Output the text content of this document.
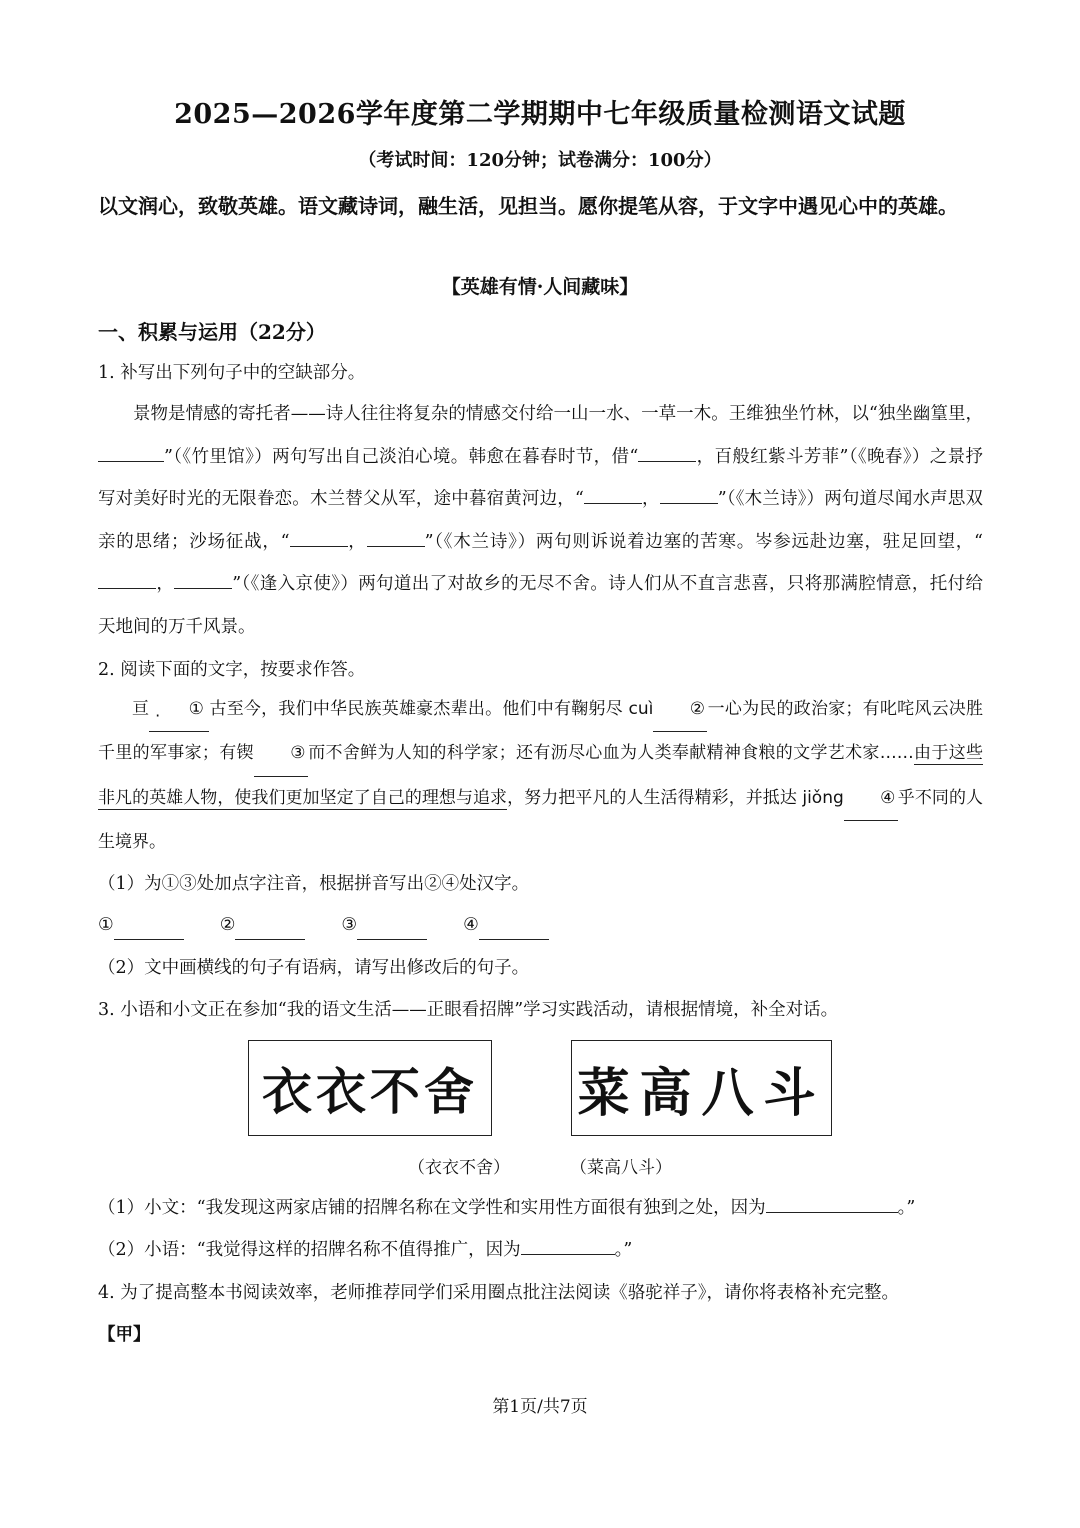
2025—2026学年度第二学期期中七年级质量检测语文试题
（考试时间：120分钟；试卷满分：100分）
以文润心，致敬英雄。语文藏诗词，融生活，见担当。愿你提笔从容，于文字中遇见心中的英雄。
【英雄有情·人间藏味】
一、积累与运用（22分）
1. 补写出下列句子中的空缺部分。
景物是情感的寄托者——诗人往往将复杂的情感交付给一山一水、一草一木。王维独坐竹林，以“独坐幽篁里，”（《竹里馆》）两句写出自己淡泊心境。韩愈在暮春时节，借“	，百般红紫斗芳菲”（《晚春》）之景抒写对美好时光的无限眷恋。木兰替父从军，途中暮宿黄河边，“	，	”（《木兰诗》）两句道尽闻水声思双亲的思绪；沙场征战，“	，	”（《木兰诗》）两句则诉说着边塞的苦寒。岑参远赴边塞，驻足回望，“，	”（《逢入京使》）两句道出了对故乡的无尽不舍。诗人们从不直言悲喜，只将那满腔情意，托付给天地间的万千风景。
2. 阅读下面的文字，按要求作答。
亘 ① 古至今，我们中华民族英雄豪杰辈出。他们中有鞠躬尽 cuì ② 一心为民的政治家；有叱咤风云决胜千里的军事家；有锲 ③ 而不舍鲜为人知的科学家；还有沥尽心血为人类奉献精神食粮的文学艺术家……由于这些非凡的英雄人物，使我们更加坚定了自己的理想与追求，努力把平凡的人生活得精彩，并抵达 jiǒng ④ 乎不同的人生境界。
（1）为①③处加点字注音，根据拼音写出②④处汉字。
①	②	③	④
（2）文中画横线的句子有语病，请写出修改后的句子。
3. 小语和小文正在参加“我的语文生活——正眼看招牌”学习实践活动，请根据情境，补全对话。
衣衣不舍 菜高八斗
（衣衣不舍）	（菜高八斗）
（1）小文：“我发现这两家店铺的招牌名称在文学性和实用性方面很有独到之处，因为	。”
（2）小语：“我觉得这样的招牌名称不值得推广，因为	。”
4. 为了提高整本书阅读效率，老师推荐同学们采用圈点批注法阅读《骆驼祥子》，请你将表格补充完整。
【甲】
第1页/共7页
